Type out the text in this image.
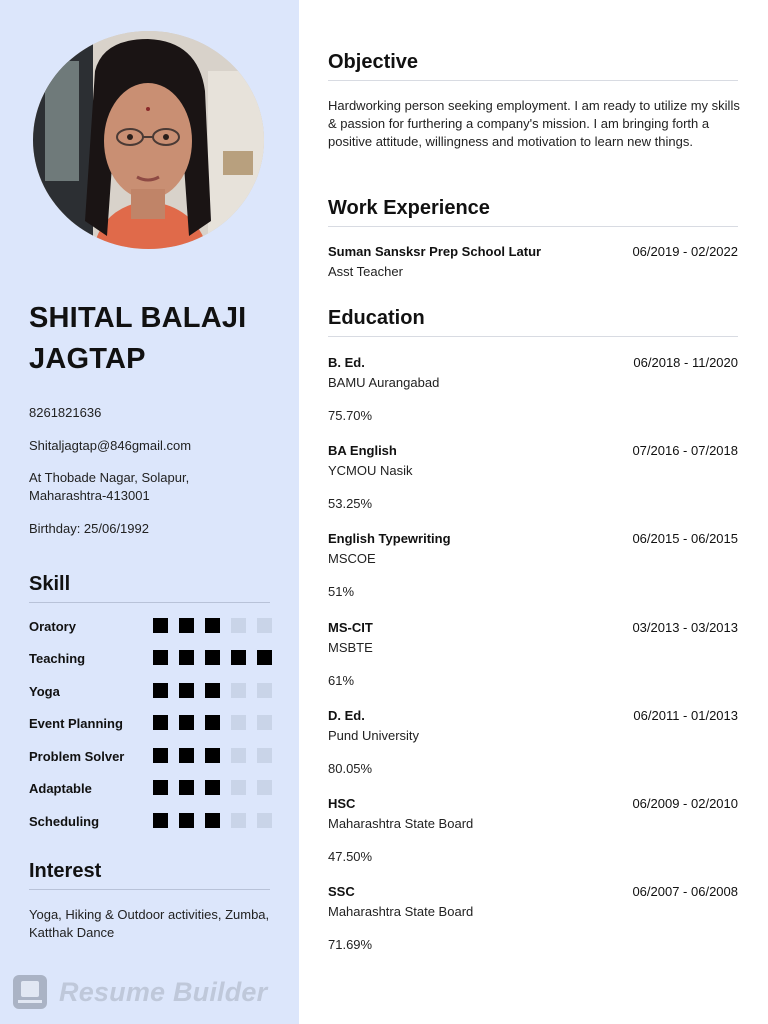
SHITAL BALAJI JAGTAP
8261821636
Shitaljagtap@846gmail.com
At Thobade Nagar, Solapur, Maharashtra-413001
Birthday: 25/06/1992
Skill
Oratory
Teaching
Yoga
Event Planning
Problem Solver
Adaptable
Scheduling
Interest
Yoga, Hiking & Outdoor activities, Zumba, Katthak Dance
Resume Builder
Objective
Hardworking person seeking employment. I am ready to utilize my skills & passion for furthering a company's mission. I am bringing forth a positive attitude, willingness and motivation to learn new things.
Work Experience
Suman Sansksr Prep School Latur	06/2019 - 02/2022
Asst Teacher
Education
B. Ed.	06/2018 - 11/2020
BAMU Aurangabad
75.70%
BA English	07/2016 - 07/2018
YCMOU Nasik
53.25%
English Typewriting	06/2015 - 06/2015
MSCOE
51%
MS-CIT	03/2013 - 03/2013
MSBTE
61%
D. Ed.	06/2011 - 01/2013
Pund University
80.05%
HSC	06/2009 - 02/2010
Maharashtra State Board
47.50%
SSC	06/2007 - 06/2008
Maharashtra State Board
71.69%
